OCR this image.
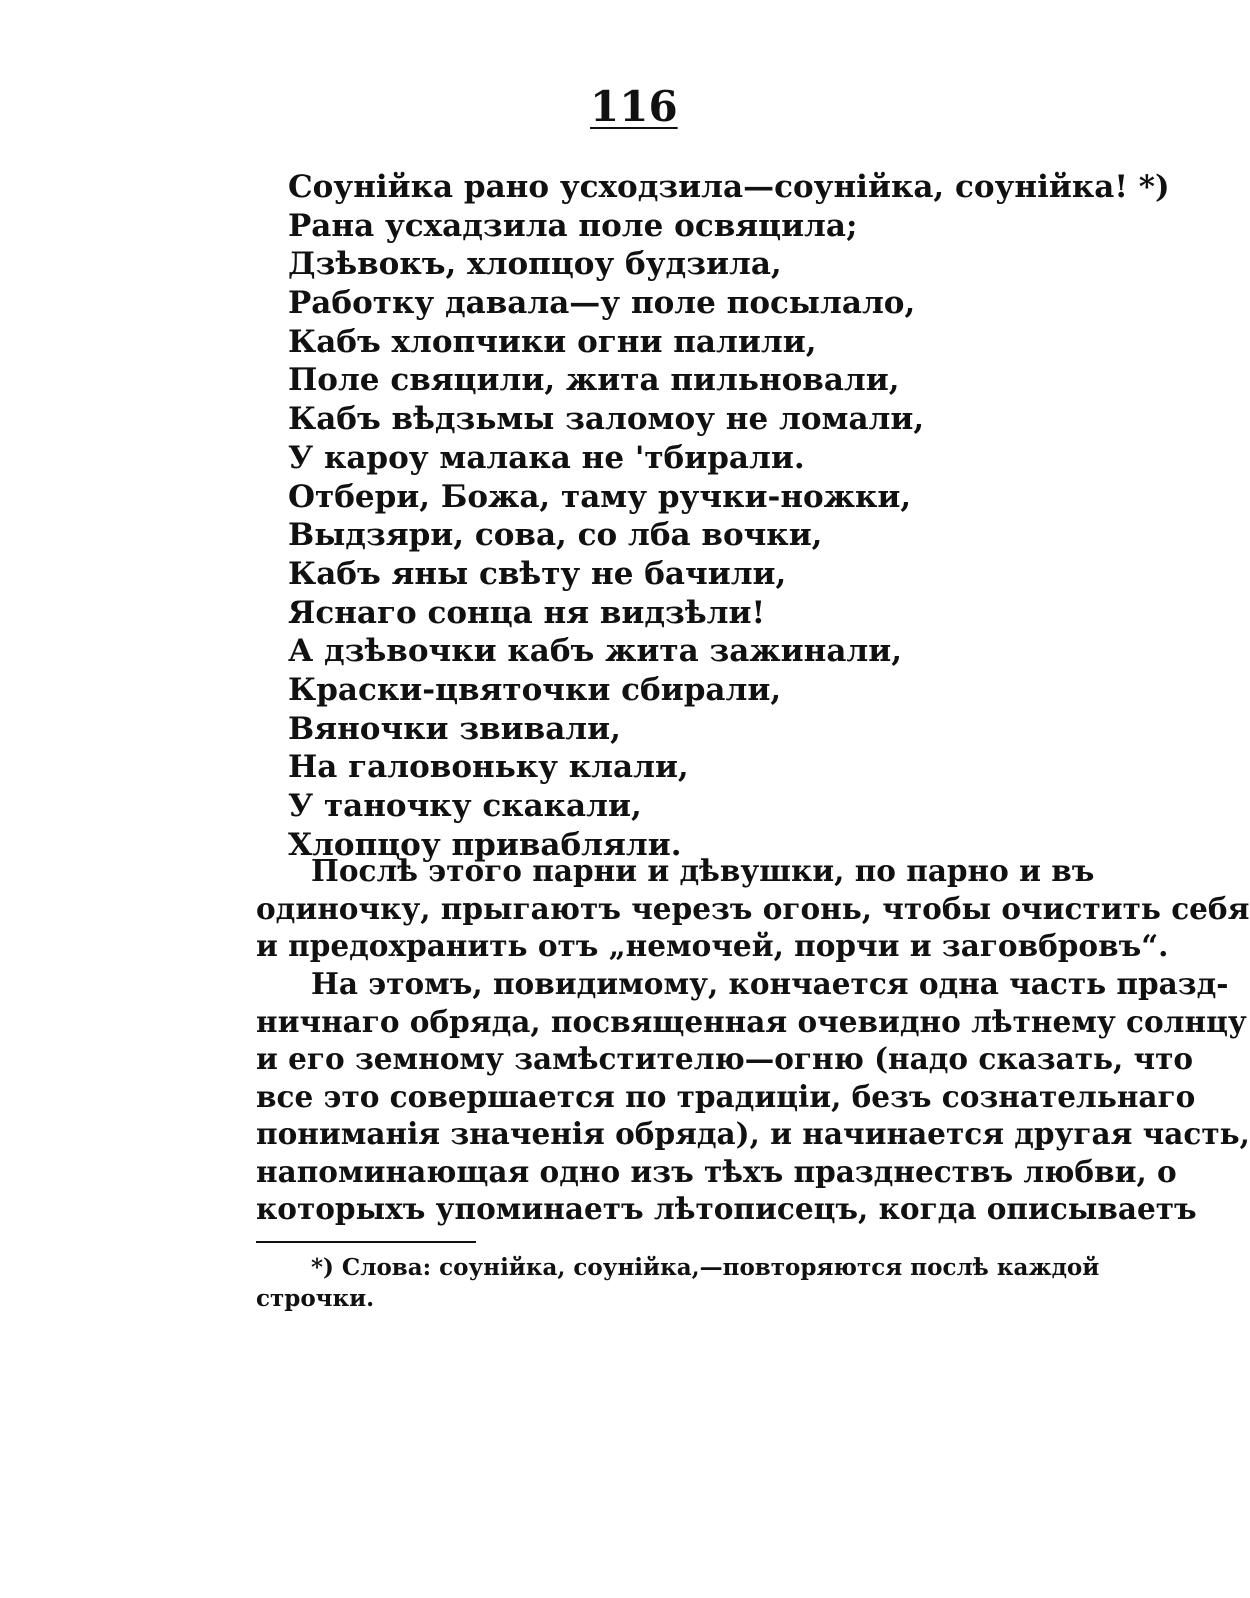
116
Соунiйка рано усходзила—соунiйка, соунiйка! *)
Рана усхадзила поле освяцила;
Дзѣвокъ, хлопцоу будзила,
Работку давала—у поле посылало,
Кабъ хлопчики огни палили,
Поле свяцили, жита пильновали,
Кабъ вѣдзьмы заломоу не ломали,
У кароу малака не 'тбирали.
Отбери, Божа, таму ручки-ножки,
Выдзяри, сова, со лба вочки,
Кабъ яны свѣту не бачили,
Яснаго сонца ня видзѣли!
А дзѣвочки кабъ жита зажинали,
Краски-цвяточки сбирали,
Вяночки звивали,
На галовоньку клали,
У таночку скакали,
Хлопцоу привабляли.
Послѣ этого парни и дѣвушки, по парно и въ
одиночку, прыгаютъ черезъ огонь, чтобы очистить себя
и предохранить отъ „немочей, порчи и заговбровъ“.
На этомъ, повидимому, кончается одна часть празд-
ничнаго обряда, посвященная очевидно лѣтнему солнцу
и его земному замѣстителю—огню (надо сказать, что
все это совершается по традицiи, безъ сознательнаго
пониманiя значенiя обряда), и начинается другая часть,
напоминающая одно изъ тѣхъ празднествъ любви, о
которыхъ упоминаетъ лѣтописецъ, когда описываетъ
*) Слова: соунiйка, соунiйка,—повторяются послѣ каждой
строчки.
